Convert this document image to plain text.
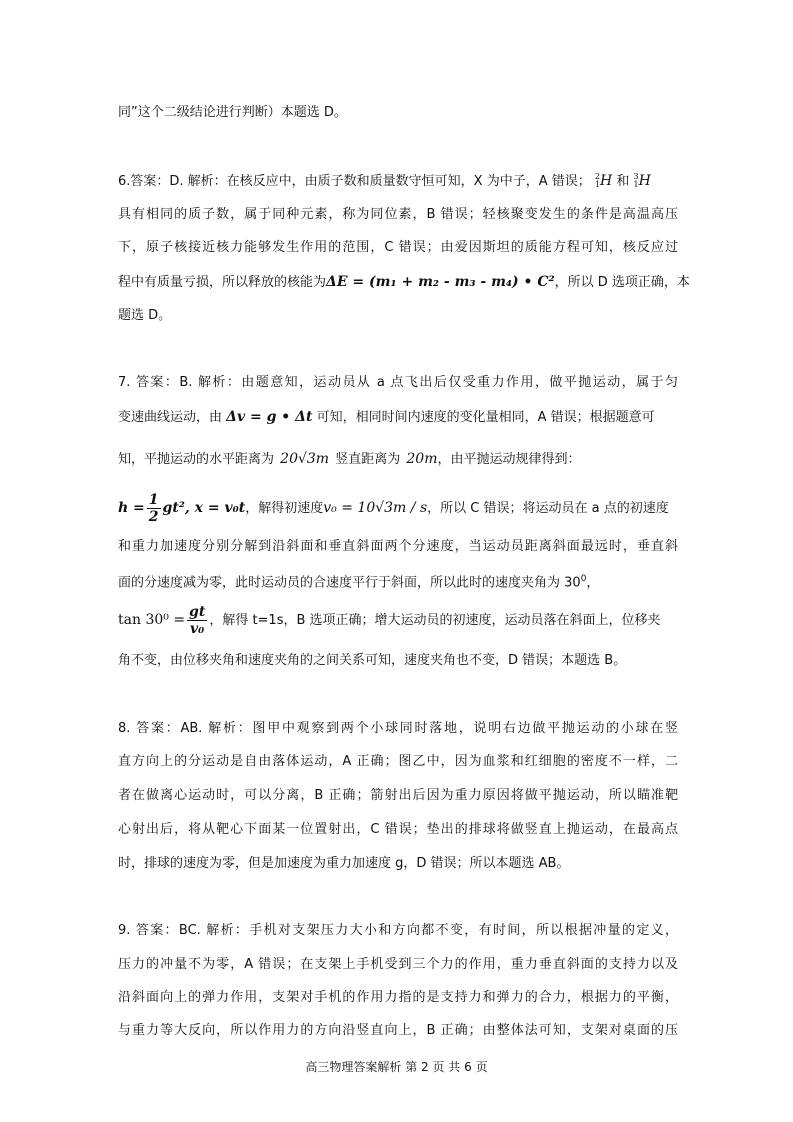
同”这个二级结论进行判断）本题选 D。
6.答案：D. 解析：在核反应中，由质子数和质量数守恒可知，X 为中子，A 错误； 2
1 H 和 3
1 H
具有相同的质子数，属于同种元素，称为同位素，B 错误；轻核聚变发生的条件是高温高压
下，原子核接近核力能够发生作用的范围，C 错误；由爱因斯坦的质能方程可知，核反应过
程中有质量亏损，所以释放的核能为ΔE = (m₁ + m₂ - m₃ - m₄) • C²，所以 D 选项正确，本
题选 D。
7. 答案：B. 解析：由题意知，运动员从 a 点飞出后仅受重力作用，做平抛运动，属于匀
变速曲线运动，由 Δv = g • Δt 可知，相同时间内速度的变化量相同，A 错误；根据题意可
知，平抛运动的水平距离为 20√3m 竖直距离为 20m，由平抛运动规律得到：
$h = \frac{1}{2} gt^2$, x = v₀t，解得初速度v₀ = 10√3m / s，所以 C 错误；将运动员在 a 点的初速度
和重力加速度分别分解到沿斜面和垂直斜面两个分速度，当运动员距离斜面最远时，垂直斜
面的分速度减为零，此时运动员的合速度平行于斜面，所以此时的速度夹角为 $30^0$，
$\tan 30^0 = \frac{gt}{\text{v₀}}$ ，解得 t=1s，B 选项正确；增大运动员的初速度，运动员落在斜面上，位移夹
角不变，由位移夹角和速度夹角的之间关系可知，速度夹角也不变，D 错误；本题选 B。
8. 答案：AB. 解析：图甲中观察到两个小球同时落地，说明右边做平抛运动的小球在竖
直方向上的分运动是自由落体运动，A 正确；图乙中，因为血浆和红细胞的密度不一样，二
者在做离心运动时，可以分离，B 正确；箭射出后因为重力原因将做平抛运动，所以瞄准靶
心射出后，将从靶心下面某一位置射出，C 错误；垫出的排球将做竖直上抛运动，在最高点
时，排球的速度为零，但是加速度为重力加速度 g，D 错误；所以本题选 AB。
9. 答案：BC. 解析：手机对支架压力大小和方向都不变，有时间，所以根据冲量的定义，
压力的冲量不为零，A 错误；在支架上手机受到三个力的作用，重力垂直斜面的支持力以及
沿斜面向上的弹力作用，支架对手机的作用力指的是支持力和弹力的合力，根据力的平衡，
与重力等大反向，所以作用力的方向沿竖直向上，B 正确；由整体法可知，支架对桌面的压
高三物理答案解析 第 2 页 共 6 页
